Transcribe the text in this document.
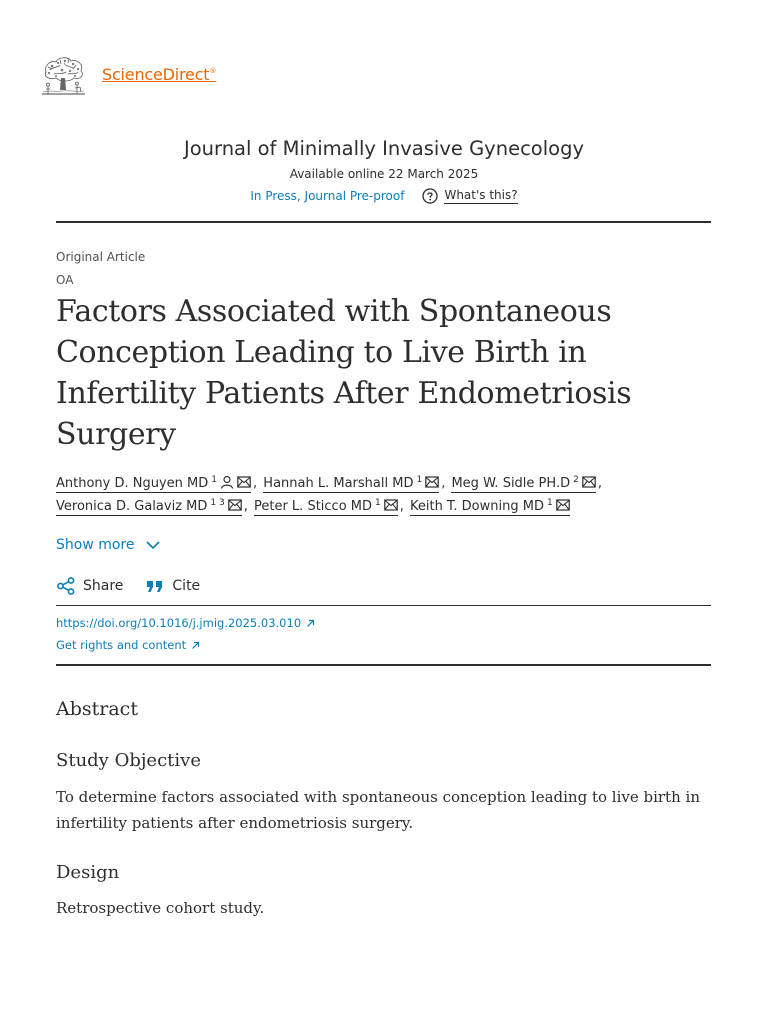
ScienceDirect®
Journal of Minimally Invasive Gynecology
Available online 22 March 2025
In Press, Journal Pre-proof	What's this?
Original Article
OA
Factors Associated with Spontaneous Conception Leading to Live Birth in Infertility Patients After Endometriosis Surgery
Anthony D. Nguyen MD $^1$	, Hannah L. Marshall MD $^1$ , Meg W. Sidle PH.D $^2$ ,
Veronica D. Galaviz MD $^{1 3}$ , Peter L. Sticco MD $^1$ , Keith T. Downing MD $^1$
Show more
Share	Cite
https://doi.org/10.1016/j.jmig.2025.03.010
Get rights and content
Abstract
Study Objective

To determine factors associated with spontaneous conception leading to live birth in infertility patients after endometriosis surgery.

Design

Retrospective cohort study.
